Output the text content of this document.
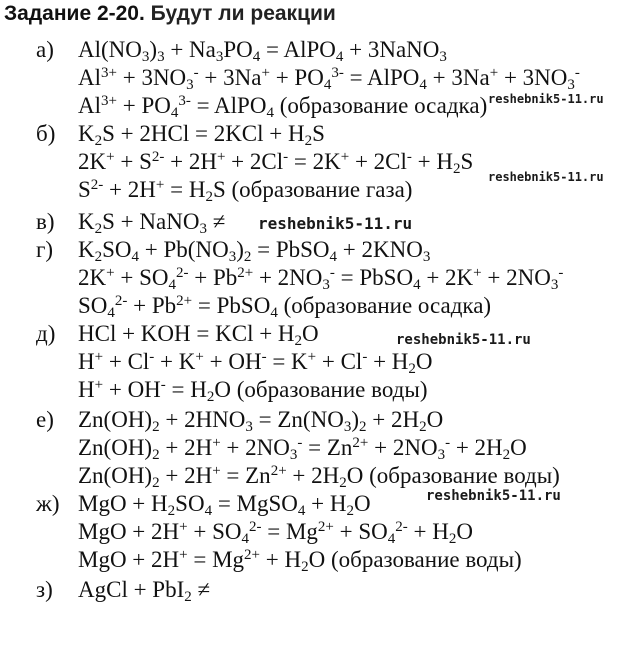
Задание 2-20. Будут ли реакции
а) $Al(NO_3)_3 + Na_3PO_4$ = AlPO$_4$ + 3NaNO$_3$
$Al^{3+} + 3NO_3^- + 3Na^+ + PO_4^{3-}$ = AlPO$_4$ + $3Na^+ + 3NO_3^-$
$Al^{3+} + PO_4^{3-}$ = AlPO$_4$ (образование осадка)
б) $K_2S + 2HCl = 2KCl + H_2S$
$2K^+ + S^{2-} + 2H^+ + 2Cl^- = 2K^+ + 2Cl^- + H_2S$
$S^{2-} + 2H^+ = H_2S$ (образование газа)
в) $K_2S$ + NaNO$_3$ ≠
г) $K_2SO_4 + Pb(NO_3)_2$ = PbSO$_4$ + $2KNO_3$
$2K^+ + SO_4^{2-} + Pb^{2+} + 2NO_3^-$ = PbSO$_4$ + $2K^+ + 2NO_3^-$
$SO_4^{2-} + Pb^{2+}$ = PbSO$_4$ (образование осадка)
д) HCl + KOH = KCl + $H_2O$
$H^+ + Cl^- + K^+ + OH^- = K^+ + Cl^- + H_2O$
$H^+ + OH^- = H_2O$ (образование воды)
е) $Zn(OH)_2 + 2HNO_3 = Zn(NO_3)_2 + 2H_2O$
$Zn(OH)_2 + 2H^+ + 2NO_3^- = Zn^{2+} + 2NO_3^- + 2H_2O$
$Zn(OH)_2 + 2H^+ = Zn^{2+} + 2H_2O$ (образование воды)
ж) MgO + $H_2SO_4$ = MgSO$_4$ + $H_2O$
MgO + $2H^+ + SO_4^{2-} = Mg^{2+} + SO_4^{2-} + H_2O$
MgO + $2H^+ = Mg^{2+} + H_2O$ (образование воды)
з) AgCl + PbI$_2$ ≠
reshebnik5-11.ru
reshebnik5-11.ru
reshebnik5-11.ru
reshebnik5-11.ru
reshebnik5-11.ru
